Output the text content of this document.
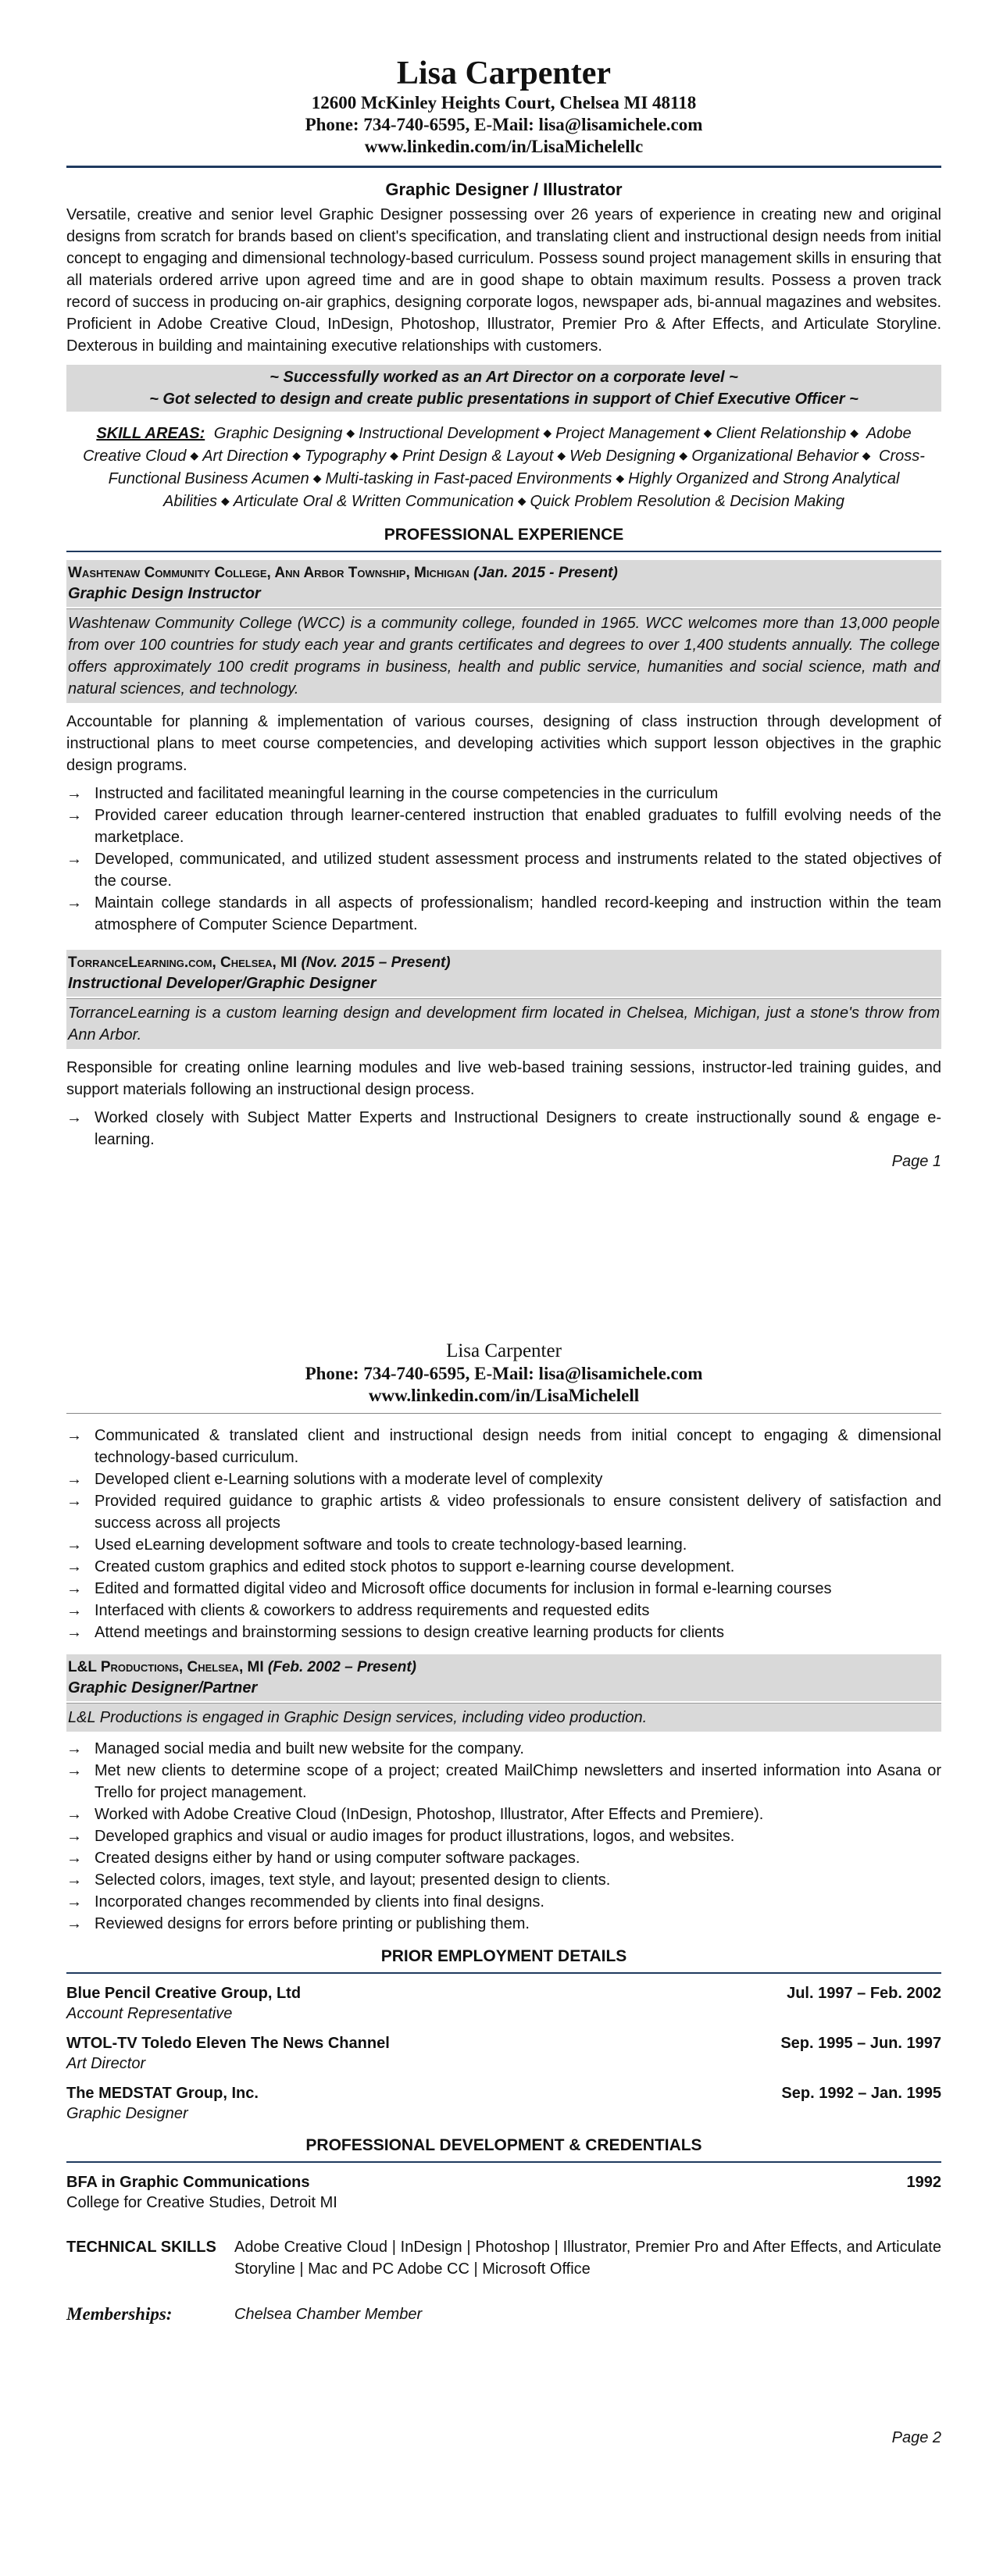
Lisa Carpenter
12600 McKinley Heights Court, Chelsea MI 48118
Phone: 734-740-6595, E-Mail: lisa@lisamichele.com
www.linkedin.com/in/LisaMichelellc
Graphic Designer / Illustrator

Versatile, creative and senior level Graphic Designer possessing over 26 years of experience in creating new and original designs from scratch for brands based on client's specification, and translating client and instructional design needs from initial concept to engaging and dimensional technology-based curriculum. Possess sound project management skills in ensuring that all materials ordered arrive upon agreed time and are in good shape to obtain maximum results. Possess a proven track record of success in producing on-air graphics, designing corporate logos, newspaper ads, bi-annual magazines and websites. Proficient in Adobe Creative Cloud, InDesign, Photoshop, Illustrator, Premier Pro & After Effects, and Articulate Storyline. Dexterous in building and maintaining executive relationships with customers.

~ Successfully worked as an Art Director on a corporate level ~

~ Got selected to design and create public presentations in support of Chief Executive Officer ~

SKILL AREAS: Graphic Designing ◆ Instructional Development ◆ Project Management ◆ Client Relationship ◆ Adobe Creative Cloud ◆ Art Direction ◆ Typography ◆ Print Design & Layout ◆ Web Designing ◆ Organizational Behavior ◆ Cross-Functional Business Acumen ◆ Multi-tasking in Fast-paced Environments ◆ Highly Organized and Strong Analytical Abilities ◆ Articulate Oral & Written Communication ◆ Quick Problem Resolution & Decision Making
PROFESSIONAL EXPERIENCE
Washtenaw Community College, Ann Arbor Township, Michigan (Jan. 2015 - Present)
Graphic Design Instructor
Washtenaw Community College (WCC) is a community college, founded in 1965. WCC welcomes more than 13,000 people from over 100 countries for study each year and grants certificates and degrees to over 1,400 students annually. The college offers approximately 100 credit programs in business, health and public service, humanities and social science, math and natural sciences, and technology.

Accountable for planning & implementation of various courses, designing of class instruction through development of instructional plans to meet course competencies, and developing activities which support lesson objectives in the graphic design programs.

→ Instructed and facilitated meaningful learning in the course competencies in the curriculum
→ Provided career education through learner-centered instruction that enabled graduates to fulfill evolving needs of the marketplace.
→ Developed, communicated, and utilized student assessment process and instruments related to the stated objectives of the course.
→ Maintain college standards in all aspects of professionalism; handled record-keeping and instruction within the team atmosphere of Computer Science Department.
TorranceLearning.com, Chelsea, MI (Nov. 2015 – Present)
Instructional Developer/Graphic Designer
TorranceLearning is a custom learning design and development firm located in Chelsea, Michigan, just a stone's throw from Ann Arbor.

Responsible for creating online learning modules and live web-based training sessions, instructor-led training guides, and support materials following an instructional design process.

→ Worked closely with Subject Matter Experts and Instructional Designers to create instructionally sound & engage e-learning.
Page 1
Lisa Carpenter
Phone: 734-740-6595, E-Mail: lisa@lisamichele.com
www.linkedin.com/in/LisaMichelell
→ Communicated & translated client and instructional design needs from initial concept to engaging & dimensional technology-based curriculum.
→ Developed client e-Learning solutions with a moderate level of complexity
→ Provided required guidance to graphic artists & video professionals to ensure consistent delivery of satisfaction and success across all projects
→ Used eLearning development software and tools to create technology-based learning.
→ Created custom graphics and edited stock photos to support e-learning course development.
→ Edited and formatted digital video and Microsoft office documents for inclusion in formal e-learning courses
→ Interfaced with clients & coworkers to address requirements and requested edits
→ Attend meetings and brainstorming sessions to design creative learning products for clients
L&L Productions, Chelsea, MI (Feb. 2002 – Present)
Graphic Designer/Partner
L&L Productions is engaged in Graphic Design services, including video production.
→ Managed social media and built new website for the company.
→ Met new clients to determine scope of a project; created MailChimp newsletters and inserted information into Asana or Trello for project management.
→ Worked with Adobe Creative Cloud (InDesign, Photoshop, Illustrator, After Effects and Premiere).
→ Developed graphics and visual or audio images for product illustrations, logos, and websites.
→ Created designs either by hand or using computer software packages.
→ Selected colors, images, text style, and layout; presented design to clients.
→ Incorporated changes recommended by clients into final designs.
→ Reviewed designs for errors before printing or publishing them.
PRIOR EMPLOYMENT DETAILS
Blue Pencil Creative Group, Ltd	Jul. 1997 – Feb. 2002
Account Representative
WTOL-TV Toledo Eleven The News Channel	Sep. 1995 – Jun. 1997
Art Director
The MEDSTAT Group, Inc.	Sep. 1992 – Jan. 1995
Graphic Designer
PROFESSIONAL DEVELOPMENT & CREDENTIALS
BFA in Graphic Communications	1992
College for Creative Studies, Detroit MI
TECHNICAL SKILLS	Adobe Creative Cloud | InDesign | Photoshop | Illustrator, Premier Pro and After Effects, and Articulate Storyline | Mac and PC Adobe CC | Microsoft Office
Memberships:	Chelsea Chamber Member
Page 2
